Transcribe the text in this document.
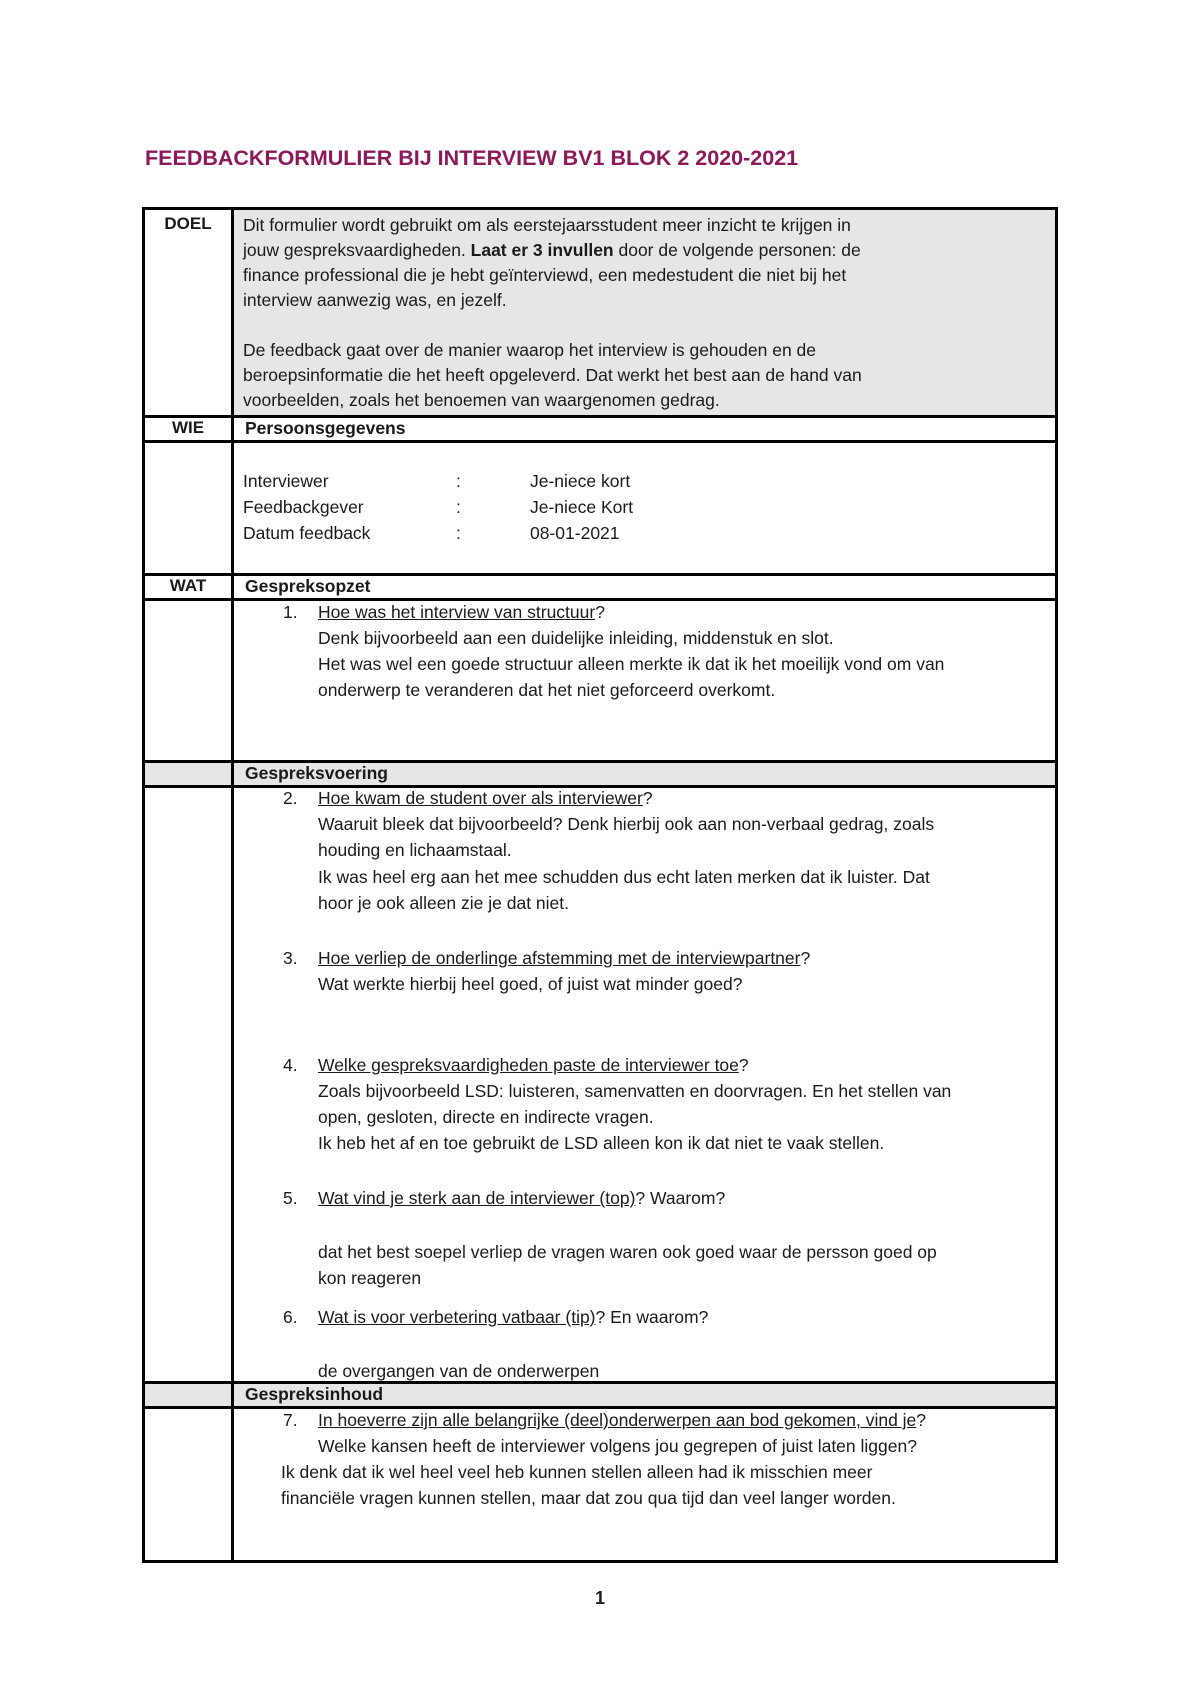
FEEDBACKFORMULIER BIJ INTERVIEW BV1 BLOK 2 2020-2021
DOEL	Dit formulier wordt gebruikt om als eerstejaarsstudent meer inzicht te krijgen in
jouw gespreksvaardigheden. Laat er 3 invullen door de volgende personen: de
finance professional die je hebt geïnterviewd, een medestudent die niet bij het
interview aanwezig was, en jezelf.
De feedback gaat over de manier waarop het interview is gehouden en de
beroepsinformatie die het heeft opgeleverd. Dat werkt het best aan de hand van
voorbeelden, zoals het benoemen van waargenomen gedrag.
WIE	Persoonsgegevens
Interviewer	:	Je-niece kort
Feedbackgever	:	Je-niece Kort
Datum feedback	:	08-01-2021
WAT	Gespreksopzet
1. Hoe was het interview van structuur?
Denk bijvoorbeeld aan een duidelijke inleiding, middenstuk en slot.
Het was wel een goede structuur alleen merkte ik dat ik het moeilijk vond om van
onderwerp te veranderen dat het niet geforceerd overkomt.
Gespreksvoering
2. Hoe kwam de student over als interviewer?
Waaruit bleek dat bijvoorbeeld? Denk hierbij ook aan non-verbaal gedrag, zoals
houding en lichaamstaal.
Ik was heel erg aan het mee schudden dus echt laten merken dat ik luister. Dat
hoor je ook alleen zie je dat niet.
3. Hoe verliep de onderlinge afstemming met de interviewpartner?
Wat werkte hierbij heel goed, of juist wat minder goed?
4. Welke gespreksvaardigheden paste de interviewer toe?
Zoals bijvoorbeeld LSD: luisteren, samenvatten en doorvragen. En het stellen van
open, gesloten, directe en indirecte vragen.
Ik heb het af en toe gebruikt de LSD alleen kon ik dat niet te vaak stellen.
5. Wat vind je sterk aan de interviewer (top)? Waarom?
dat het best soepel verliep de vragen waren ook goed waar de persson goed op
kon reageren
6. Wat is voor verbetering vatbaar (tip)? En waarom?
de overgangen van de onderwerpen
Gespreksinhoud
7. In hoeverre zijn alle belangrijke (deel)onderwerpen aan bod gekomen, vind je?
Welke kansen heeft de interviewer volgens jou gegrepen of juist laten liggen?
Ik denk dat ik wel heel veel heb kunnen stellen alleen had ik misschien meer
financiële vragen kunnen stellen, maar dat zou qua tijd dan veel langer worden.
1
